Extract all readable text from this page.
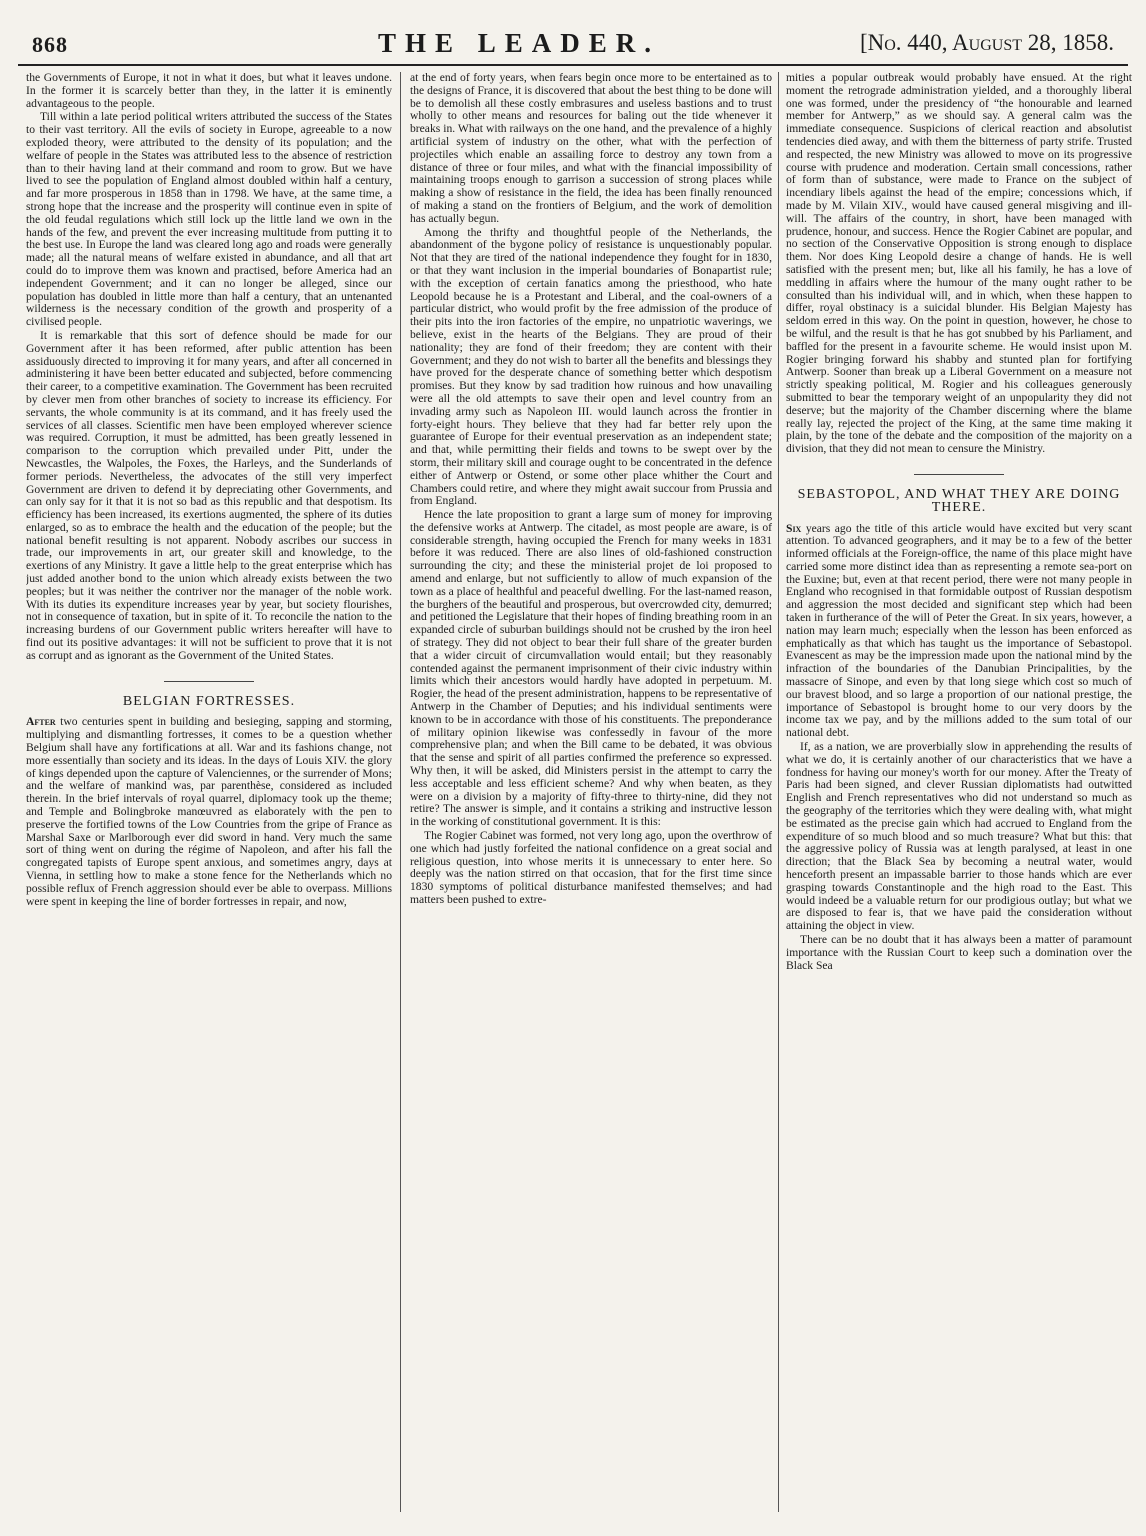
868	THE LEADER.	[No. 440, August 28, 1858.

the Governments of Europe, it not in what it does, but what it leaves undone. In the former it is scarcely better than they, in the latter it is eminently advantageous to the people.

Till within a late period political writers attributed the success of the States to their vast territory. All the evils of society in Europe, agreeable to a now exploded theory, were attributed to the density of its population; and the welfare of people in the States was attributed less to the absence of restriction than to their having land at their command and room to grow. But we have lived to see the population of England almost doubled within half a century, and far more prosperous in 1858 than in 1798. We have, at the same time, a strong hope that the increase and the prosperity will continue even in spite of the old feudal regulations which still lock up the little land we own in the hands of the few, and prevent the ever increasing multitude from putting it to the best use. In Europe the land was cleared long ago and roads were generally made; all the natural means of welfare existed in abundance, and all that art could do to improve them was known and practised, before America had an independent Government; and it can no longer be alleged, since our population has doubled in little more than half a century, that an untenanted wilderness is the necessary condition of the growth and prosperity of a civilised people.

It is remarkable that this sort of defence should be made for our Government after it has been reformed, after public attention has been assiduously directed to improving it for many years, and after all concerned in administering it have been better educated and subjected, before commencing their career, to a competitive examination. The Government has been recruited by clever men from other branches of society to increase its efficiency. For servants, the whole community is at its command, and it has freely used the services of all classes. Scientific men have been employed wherever science was required. Corruption, it must be admitted, has been greatly lessened in comparison to the corruption which prevailed under Pitt, under the Newcastles, the Walpoles, the Foxes, the Harleys, and the Sunderlands of former periods. Nevertheless, the advocates of the still very imperfect Government are driven to defend it by depreciating other Governments, and can only say for it that it is not so bad as this republic and that despotism. Its efficiency has been increased, its exertions augmented, the sphere of its duties enlarged, so as to embrace the health and the education of the people; but the national benefit resulting is not apparent. Nobody ascribes our success in trade, our improvements in art, our greater skill and knowledge, to the exertions of any Ministry. It gave a little help to the great enterprise which has just added another bond to the union which already exists between the two peoples; but it was neither the contriver nor the manager of the noble work. With its duties its expenditure increases year by year, but society flourishes, not in consequence of taxation, but in spite of it. To reconcile the nation to the increasing burdens of our Government public writers hereafter will have to find out its positive advantages: it will not be sufficient to prove that it is not as corrupt and as ignorant as the Government of the United States.

BELGIAN FORTRESSES.

After two centuries spent in building and besieging, sapping and storming, multiplying and dismantling fortresses, it comes to be a question whether Belgium shall have any fortifications at all. War and its fashions change, not more essentially than society and its ideas. In the days of Louis XIV. the glory of kings depended upon the capture of Valenciennes, or the surrender of Mons; and the welfare of mankind was, par parenthèse, considered as included therein. In the brief intervals of royal quarrel, diplomacy took up the theme; and Temple and Bolingbroke manœuvred as elaborately with the pen to preserve the fortified towns of the Low Countries from the gripe of France as Marshal Saxe or Marlborough ever did sword in hand. Very much the same sort of thing went on during the régime of Napoleon, and after his fall the congregated tapists of Europe spent anxious, and sometimes angry, days at Vienna, in settling how to make a stone fence for the Netherlands which no possible reflux of French aggression should ever be able to overpass. Millions were spent in keeping the line of border fortresses in repair, and now,

at the end of forty years, when fears begin once more to be entertained as to the designs of France, it is discovered that about the best thing to be done will be to demolish all these costly embrasures and useless bastions and to trust wholly to other means and resources for baling out the tide whenever it breaks in. What with railways on the one hand, and the prevalence of a highly artificial system of industry on the other, what with the perfection of projectiles which enable an assailing force to destroy any town from a distance of three or four miles, and what with the financial impossibility of maintaining troops enough to garrison a succession of strong places while making a show of resistance in the field, the idea has been finally renounced of making a stand on the frontiers of Belgium, and the work of demolition has actually begun.

Among the thrifty and thoughtful people of the Netherlands, the abandonment of the bygone policy of resistance is unquestionably popular. Not that they are tired of the national independence they fought for in 1830, or that they want inclusion in the imperial boundaries of Bonapartist rule; with the exception of certain fanatics among the priesthood, who hate Leopold because he is a Protestant and Liberal, and the coal-owners of a particular district, who would profit by the free admission of the produce of their pits into the iron factories of the empire, no unpatriotic waverings, we believe, exist in the hearts of the Belgians. They are proud of their nationality; they are fond of their freedom; they are content with their Government; and they do not wish to barter all the benefits and blessings they have proved for the desperate chance of something better which despotism promises. But they know by sad tradition how ruinous and how unavailing were all the old attempts to save their open and level country from an invading army such as Napoleon III. would launch across the frontier in forty-eight hours. They believe that they had far better rely upon the guarantee of Europe for their eventual preservation as an independent state; and that, while permitting their fields and towns to be swept over by the storm, their military skill and courage ought to be concentrated in the defence either of Antwerp or Ostend, or some other place whither the Court and Chambers could retire, and where they might await succour from Prussia and from England.

Hence the late proposition to grant a large sum of money for improving the defensive works at Antwerp. The citadel, as most people are aware, is of considerable strength, having occupied the French for many weeks in 1831 before it was reduced. There are also lines of old-fashioned construction surrounding the city; and these the ministerial projet de loi proposed to amend and enlarge, but not sufficiently to allow of much expansion of the town as a place of healthful and peaceful dwelling. For the last-named reason, the burghers of the beautiful and prosperous, but overcrowded city, demurred; and petitioned the Legislature that their hopes of finding breathing room in an expanded circle of suburban buildings should not be crushed by the iron heel of strategy. They did not object to bear their full share of the greater burden that a wider circuit of circumvallation would entail; but they reasonably contended against the permanent imprisonment of their civic industry within limits which their ancestors would hardly have adopted in perpetuum. M. Rogier, the head of the present administration, happens to be representative of Antwerp in the Chamber of Deputies; and his individual sentiments were known to be in accordance with those of his constituents. The preponderance of military opinion likewise was confessedly in favour of the more comprehensive plan; and when the Bill came to be debated, it was obvious that the sense and spirit of all parties confirmed the preference so expressed. Why then, it will be asked, did Ministers persist in the attempt to carry the less acceptable and less efficient scheme? And why when beaten, as they were on a division by a majority of fifty-three to thirty-nine, did they not retire? The answer is simple, and it contains a striking and instructive lesson in the working of constitutional government. It is this:

The Rogier Cabinet was formed, not very long ago, upon the overthrow of one which had justly forfeited the national confidence on a great social and religious question, into whose merits it is unnecessary to enter here. So deeply was the nation stirred on that occasion, that for the first time since 1830 symptoms of political disturbance manifested themselves; and had matters been pushed to extre-

mities a popular outbreak would probably have ensued. At the right moment the retrograde administration yielded, and a thoroughly liberal one was formed, under the presidency of “the honourable and learned member for Antwerp,” as we should say. A general calm was the immediate consequence. Suspicions of clerical reaction and absolutist tendencies died away, and with them the bitterness of party strife. Trusted and respected, the new Ministry was allowed to move on its progressive course with prudence and moderation. Certain small concessions, rather of form than of substance, were made to France on the subject of incendiary libels against the head of the empire; concessions which, if made by M. Vilain XIV., would have caused general misgiving and ill-will. The affairs of the country, in short, have been managed with prudence, honour, and success. Hence the Rogier Cabinet are popular, and no section of the Conservative Opposition is strong enough to displace them. Nor does King Leopold desire a change of hands. He is well satisfied with the present men; but, like all his family, he has a love of meddling in affairs where the humour of the many ought rather to be consulted than his individual will, and in which, when these happen to differ, royal obstinacy is a suicidal blunder. His Belgian Majesty has seldom erred in this way. On the point in question, however, he chose to be wilful, and the result is that he has got snubbed by his Parliament, and baffled for the present in a favourite scheme. He would insist upon M. Rogier bringing forward his shabby and stunted plan for fortifying Antwerp. Sooner than break up a Liberal Government on a measure not strictly speaking political, M. Rogier and his colleagues generously submitted to bear the temporary weight of an unpopularity they did not deserve; but the majority of the Chamber discerning where the blame really lay, rejected the project of the King, at the same time making it plain, by the tone of the debate and the composition of the majority on a division, that they did not mean to censure the Ministry.

SEBASTOPOL, AND WHAT THEY ARE DOING THERE.

Six years ago the title of this article would have excited but very scant attention. To advanced geographers, and it may be to a few of the better informed officials at the Foreign-office, the name of this place might have carried some more distinct idea than as representing a remote sea-port on the Euxine; but, even at that recent period, there were not many people in England who recognised in that formidable outpost of Russian despotism and aggression the most decided and significant step which had been taken in furtherance of the will of Peter the Great. In six years, however, a nation may learn much; especially when the lesson has been enforced as emphatically as that which has taught us the importance of Sebastopol. Evanescent as may be the impression made upon the national mind by the infraction of the boundaries of the Danubian Principalities, by the massacre of Sinope, and even by that long siege which cost so much of our bravest blood, and so large a proportion of our national prestige, the importance of Sebastopol is brought home to our very doors by the income tax we pay, and by the millions added to the sum total of our national debt.

If, as a nation, we are proverbially slow in apprehending the results of what we do, it is certainly another of our characteristics that we have a fondness for having our money's worth for our money. After the Treaty of Paris had been signed, and clever Russian diplomatists had outwitted English and French representatives who did not understand so much as the geography of the territories which they were dealing with, what might be estimated as the precise gain which had accrued to England from the expenditure of so much blood and so much treasure? What but this: that the aggressive policy of Russia was at length paralysed, at least in one direction; that the Black Sea by becoming a neutral water, would henceforth present an impassable barrier to those hands which are ever grasping towards Constantinople and the high road to the East. This would indeed be a valuable return for our prodigious outlay; but what we are disposed to fear is, that we have paid the consideration without attaining the object in view.

There can be no doubt that it has always been a matter of paramount importance with the Russian Court to keep such a domination over the Black Sea
